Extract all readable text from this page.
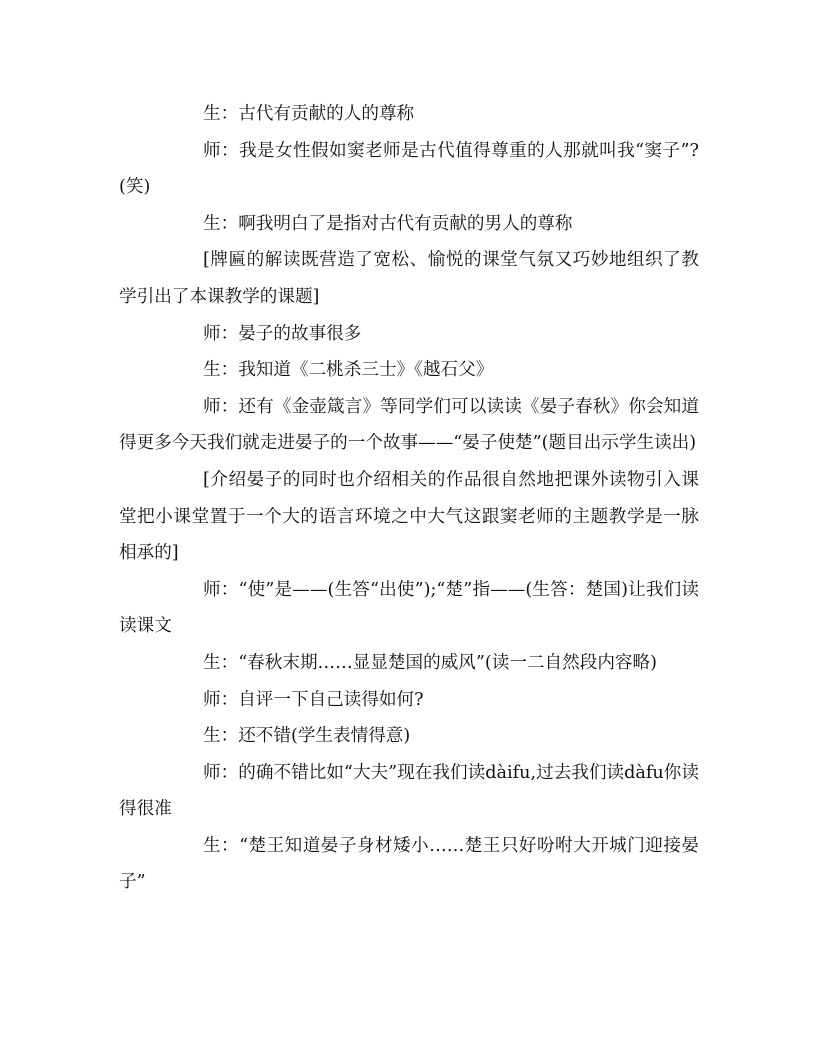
生：古代有贡献的人的尊称

师：我是女性假如窦老师是古代值得尊重的人那就叫我“窦子”?(笑)

生：啊我明白了是指对古代有贡献的男人的尊称

[牌匾的解读既营造了宽松、愉悦的课堂气氛又巧妙地组织了教学引出了本课教学的课题]

师：晏子的故事很多

生：我知道《二桃杀三士》《越石父》

师：还有《金壶箴言》等同学们可以读读《晏子春秋》你会知道得更多今天我们就走进晏子的一个故事——“晏子使楚”(题目出示学生读出)

[介绍晏子的同时也介绍相关的作品很自然地把课外读物引入课堂把小课堂置于一个大的语言环境之中大气这跟窦老师的主题教学是一脉相承的]

师：“使”是——(生答“出使”);“楚”指——(生答：楚国)让我们读读课文

生：“春秋末期……显显楚国的威风”(读一二自然段内容略)

师：自评一下自己读得如何?

生：还不错(学生表情得意)

师：的确不错比如“大夫”现在我们读dàifu,过去我们读dàfu你读得很准

生：“楚王知道晏子身材矮小……楚王只好吩咐大开城门迎接晏子”
